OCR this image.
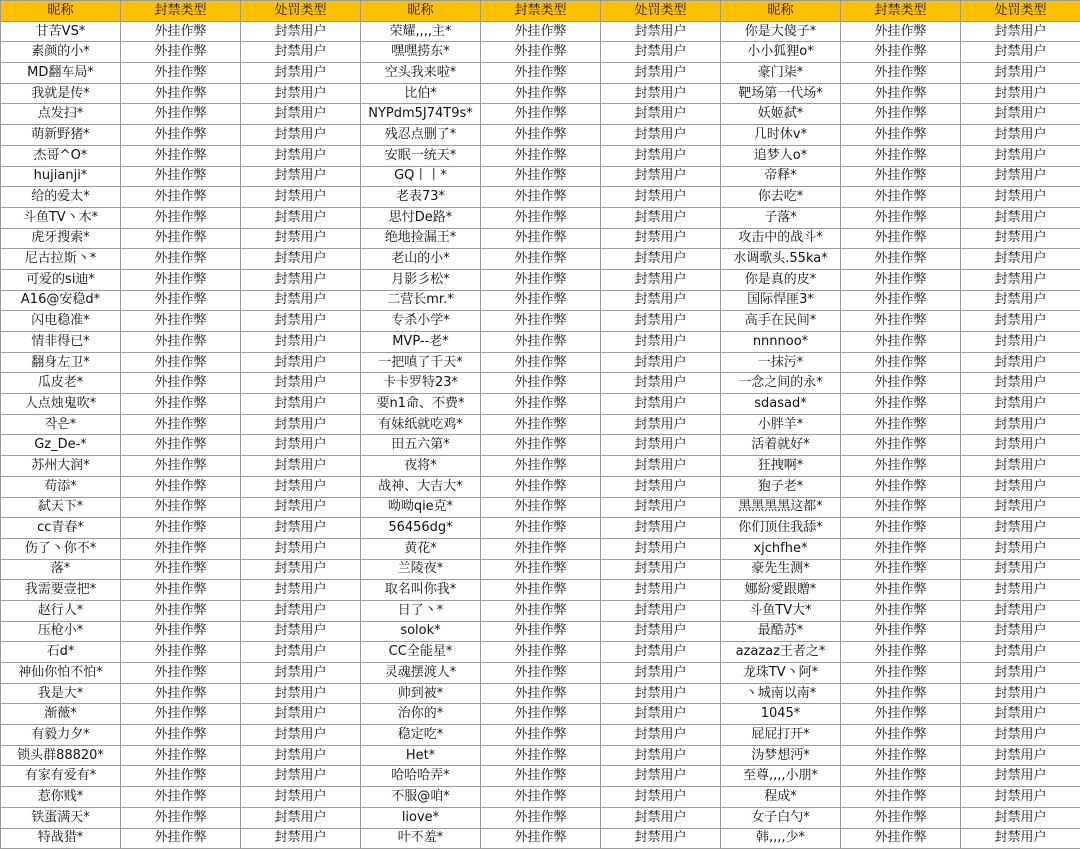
昵称	封禁类型	处罚类型	昵称	封禁类型	处罚类型	昵称	封禁类型	处罚类型
甘苦VS*	外挂作弊	封禁用户	荣耀,,,,主*	外挂作弊	封禁用户	你是大傻子*	外挂作弊	封禁用户
素颜的小*	外挂作弊	封禁用户	嘿嘿捞东*	外挂作弊	封禁用户	小小狐狸o*	外挂作弊	封禁用户
MD翻车局*	外挂作弊	封禁用户	空头我来啦*	外挂作弊	封禁用户	豪门柒*	外挂作弊	封禁用户
我就是传*	外挂作弊	封禁用户	比伯*	外挂作弊	封禁用户	靶场第一代场*	外挂作弊	封禁用户
点发扫*	外挂作弊	封禁用户	NYPdm5J74T9s*	外挂作弊	封禁用户	妖姬弑*	外挂作弊	封禁用户
萌新野猪*	外挂作弊	封禁用户	残忍点删了*	外挂作弊	封禁用户	几时休v*	外挂作弊	封禁用户
杰哥^O*	外挂作弊	封禁用户	安眠一统天*	外挂作弊	封禁用户	追梦人o*	外挂作弊	封禁用户
hujianji*	外挂作弊	封禁用户	GQ丨丨*	外挂作弊	封禁用户	帝释*	外挂作弊	封禁用户
给的爱太*	外挂作弊	封禁用户	老表73*	外挂作弊	封禁用户	你去吃*	外挂作弊	封禁用户
斗鱼TV丶木*	外挂作弊	封禁用户	思忖De路*	外挂作弊	封禁用户	子落*	外挂作弊	封禁用户
虎牙搜索*	外挂作弊	封禁用户	绝地捡漏王*	外挂作弊	封禁用户	攻击中的战斗*	外挂作弊	封禁用户
尼古拉斯丶*	外挂作弊	封禁用户	老山的小*	外挂作弊	封禁用户	水调歌头.55ka*	外挂作弊	封禁用户
可爱的si迪*	外挂作弊	封禁用户	月影彡松*	外挂作弊	封禁用户	你是真的皮*	外挂作弊	封禁用户
A16@安稳d*	外挂作弊	封禁用户	二营长mr.*	外挂作弊	封禁用户	国际悍匪3*	外挂作弊	封禁用户
闪电稳准*	外挂作弊	封禁用户	专杀小学*	外挂作弊	封禁用户	高手在民间*	外挂作弊	封禁用户
情非得已*	外挂作弊	封禁用户	MVP--老*	外挂作弊	封禁用户	nnnnoo*	外挂作弊	封禁用户
翻身左卫*	外挂作弊	封禁用户	一把嗔了千天*	外挂作弊	封禁用户	一抹污*	外挂作弊	封禁用户
瓜皮老*	外挂作弊	封禁用户	卡卡罗特23*	外挂作弊	封禁用户	一念之间的永*	外挂作弊	封禁用户
人点烛鬼吹*	外挂作弊	封禁用户	要n1命、不费*	外挂作弊	封禁用户	sdasad*	外挂作弊	封禁用户
작은*	外挂作弊	封禁用户	有妹纸就吃鸡*	外挂作弊	封禁用户	小胖羊*	外挂作弊	封禁用户
Gz_De-*	外挂作弊	封禁用户	田五六第*	外挂作弊	封禁用户	活着就好*	外挂作弊	封禁用户
苏州大润*	外挂作弊	封禁用户	夜将*	外挂作弊	封禁用户	狂拽啊*	外挂作弊	封禁用户
苟添*	外挂作弊	封禁用户	战神、大吉大*	外挂作弊	封禁用户	狍子老*	外挂作弊	封禁用户
弑天下*	外挂作弊	封禁用户	呦呦qie克*	外挂作弊	封禁用户	黑黑黑黑这都*	外挂作弊	封禁用户
cc青春*	外挂作弊	封禁用户	56456dg*	外挂作弊	封禁用户	你们顶住我舔*	外挂作弊	封禁用户
伤了丶你不*	外挂作弊	封禁用户	黄花*	外挂作弊	封禁用户	xjchfhe*	外挂作弊	封禁用户
落*	外挂作弊	封禁用户	兰陵夜*	外挂作弊	封禁用户	豪先生测*	外挂作弊	封禁用户
我需要壹把*	外挂作弊	封禁用户	取名叫你我*	外挂作弊	封禁用户	娜紛愛跟贈*	外挂作弊	封禁用户
赵行人*	外挂作弊	封禁用户	日了丶*	外挂作弊	封禁用户	斗鱼TV大*	外挂作弊	封禁用户
压枪小*	外挂作弊	封禁用户	solok*	外挂作弊	封禁用户	最酷苏*	外挂作弊	封禁用户
石d*	外挂作弊	封禁用户	CC全能星*	外挂作弊	封禁用户	azazaz王者之*	外挂作弊	封禁用户
神仙你怕不怕*	外挂作弊	封禁用户	灵魂摆渡人*	外挂作弊	封禁用户	龙珠TV丶阿*	外挂作弊	封禁用户
我是大*	外挂作弊	封禁用户	帅到被*	外挂作弊	封禁用户	丶城南以南*	外挂作弊	封禁用户
渐薇*	外挂作弊	封禁用户	治你的*	外挂作弊	封禁用户	1045*	外挂作弊	封禁用户
有毅力夕*	外挂作弊	封禁用户	稳定吃*	外挂作弊	封禁用户	屁屁打开*	外挂作弊	封禁用户
锁头群88820*	外挂作弊	封禁用户	Het*	外挂作弊	封禁用户	沩梦想沔*	外挂作弊	封禁用户
有家有爱有*	外挂作弊	封禁用户	哈哈哈弄*	外挂作弊	封禁用户	至尊,,,,小朋*	外挂作弊	封禁用户
惹你贱*	外挂作弊	封禁用户	不服@咱*	外挂作弊	封禁用户	程成*	外挂作弊	封禁用户
铁蛋满天*	外挂作弊	封禁用户	liove*	外挂作弊	封禁用户	女子白勺*	外挂作弊	封禁用户
特战猎*	外挂作弊	封禁用户	叶不羞*	外挂作弊	封禁用户	韩,,,,少*	外挂作弊	封禁用户
